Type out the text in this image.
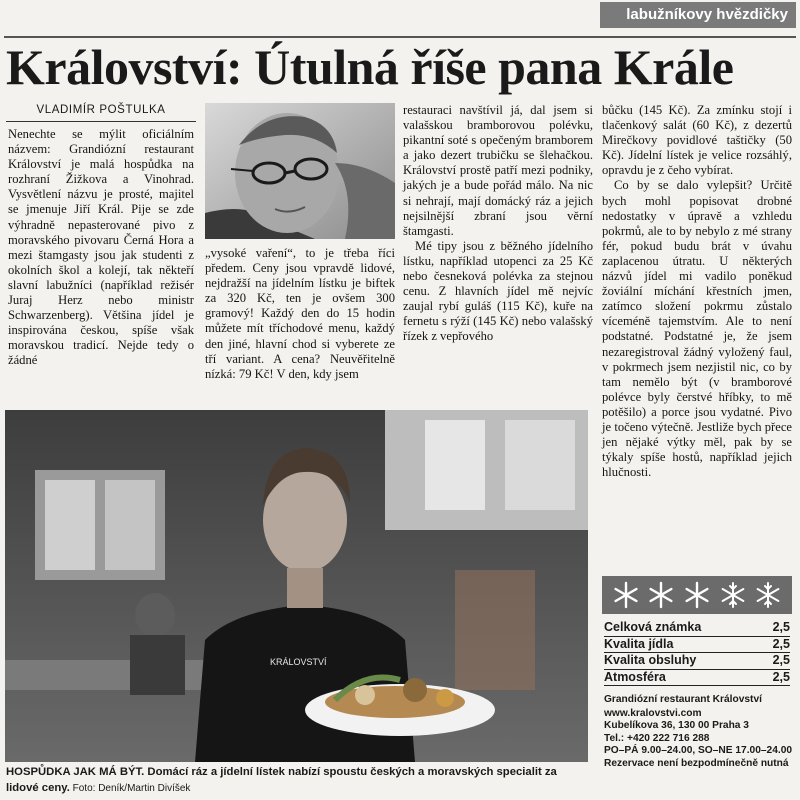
labužníkovy hvězdičky
Království: Útulná říše pana Krále
VLADIMÍR POŠTULKA

Nenechte se mýlit oficiálním názvem: Grandiózní restaurant Království je malá hospůdka na rozhraní Žižkova a Vinohrad. Vysvětlení názvu je prosté, majitel se jmenuje Jiří Král. Pije se zde výhradně nepasterované pivo z moravského pivovaru Černá Hora a mezi štamgasty jsou jak studenti z okolních škol a kolejí, tak někteří slavní labužníci (například režisér Juraj Herz nebo ministr Schwarzenberg). Většina jídel je inspirována českou, spíše však moravskou tradicí. Nejde tedy o žádné

„vysoké vaření“, to je třeba říci předem. Ceny jsou vpravdě lidové, nejdražší na jídelním lístku je biftek za 320 Kč, ten je ovšem 300 gramový! Každý den do 15 hodin můžete mít tříchodové menu, každý den jiné, hlavní chod si vyberete ze tří variant. A cena? Neuvěřitelně nízká: 79 Kč! V den, kdy jsem

restauraci navštívil já, dal jsem si valašskou bramborovou polévku, pikantní soté s opečeným bramborem a jako dezert trubičku se šlehačkou. Království prostě patří mezi podniky, jakých je a bude pořád málo. Na nic si nehrají, mají domácký ráz a jejich nejsilnější zbraní jsou věrní štamgasti.

Mé tipy jsou z běžného jídelního lístku, například utopenci za 25 Kč nebo česneková polévka za stejnou cenu. Z hlavních jídel mě nejvíc zaujal rybí guláš (115 Kč), kuře na fernetu s rýží (145 Kč) nebo valašský řízek z vepřového

bůčku (145 Kč). Za zmínku stojí i tlačenkový salát (60 Kč), z dezertů Mirečkovy povidlové taštičky (50 Kč). Jídelní lístek je velice rozsáhlý, opravdu je z čeho vybírat.

Co by se dalo vylepšit? Určitě bych mohl popisovat drobné nedostatky v úpravě a vzhledu pokrmů, ale to by nebylo z mé strany fér, pokud budu brát v úvahu zaplacenou útratu. U některých názvů jídel mi vadilo poněkud žoviální míchání křestních jmen, zatímco složení pokrmu zůstalo víceméně tajemstvím. Ale to není podstatné. Podstatné je, že jsem nezaregistroval žádný vyložený faul, v pokrmech jsem nezjistil nic, co by tam nemělo být (v bramborové polévce byly čerstvé hříbky, to mě potěšilo) a porce jsou vydatné. Pivo je točeno výtečně. Jestliže bych přece jen nějaké výtky měl, pak by se týkaly spíše hostů, například jejich hlučnosti.

KRÁLOVSTVÍ
HOSPŮDKA JAK MÁ BÝT. Domácí ráz a jídelní lístek nabízí spoustu českých a moravských specialit za lidové ceny. Foto: Deník/Martin Divíšek
Celková známka	2,5
Kvalita jídla	2,5
Kvalita obsluhy	2,5
Atmosféra	2,5
Grandiózní restaurant Království
www.kralovstvi.com
Kubelíkova 36, 130 00 Praha 3
Tel.: +420 222 716 288
PO–PÁ 9.00–24.00, SO–NE 17.00–24.00
Rezervace není bezpodmínečně nutná
